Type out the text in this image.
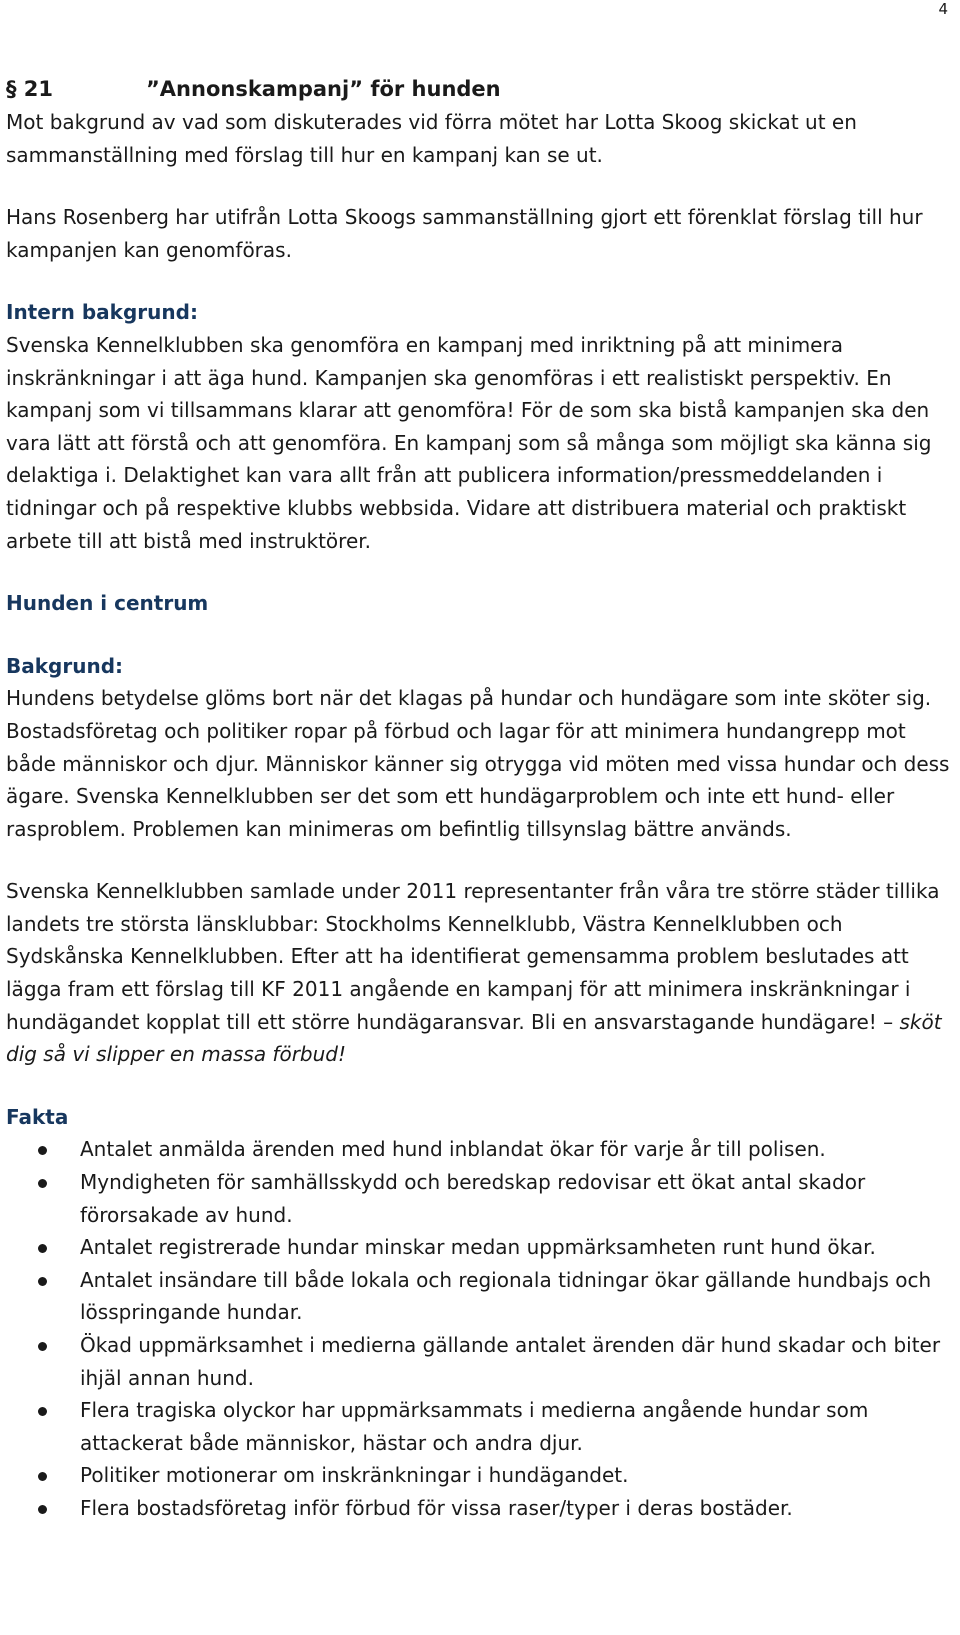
4

§ 21	”Annonskampanj” för hunden

Mot bakgrund av vad som diskuterades vid förra mötet har Lotta Skoog skickat ut en sammanställning med förslag till hur en kampanj kan se ut.

Hans Rosenberg har utifrån Lotta Skoogs sammanställning gjort ett förenklat förslag till hur kampanjen kan genomföras.

Intern bakgrund:

Svenska Kennelklubben ska genomföra en kampanj med inriktning på att minimera inskränkningar i att äga hund. Kampanjen ska genomföras i ett realistiskt perspektiv. En kampanj som vi tillsammans klarar att genomföra! För de som ska bistå kampanjen ska den vara lätt att förstå och att genomföra. En kampanj som så många som möjligt ska känna sig delaktiga i. Delaktighet kan vara allt från att publicera information/pressmeddelanden i tidningar och på respektive klubbs webbsida. Vidare att distribuera material och praktiskt arbete till att bistå med instruktörer.

Hunden i centrum

Bakgrund:

Hundens betydelse glöms bort när det klagas på hundar och hundägare som inte sköter sig. Bostadsföretag och politiker ropar på förbud och lagar för att minimera hundangrepp mot både människor och djur. Människor känner sig otrygga vid möten med vissa hundar och dess ägare. Svenska Kennelklubben ser det som ett hundägarproblem och inte ett hund- eller rasproblem. Problemen kan minimeras om befintlig tillsynslag bättre används.

Svenska Kennelklubben samlade under 2011 representanter från våra tre större städer tillika landets tre största länsklubbar: Stockholms Kennelklubb, Västra Kennelklubben och Sydskånska Kennelklubben. Efter att ha identifierat gemensamma problem beslutades att lägga fram ett förslag till KF 2011 angående en kampanj för att minimera inskränkningar i hundägandet kopplat till ett större hundägaransvar. Bli en ansvarstagande hundägare! – sköt dig så vi slipper en massa förbud!

Fakta

Antalet anmälda ärenden med hund inblandat ökar för varje år till polisen.
Myndigheten för samhällsskydd och beredskap redovisar ett ökat antal skador förorsakade av hund.
Antalet registrerade hundar minskar medan uppmärksamheten runt hund ökar.
Antalet insändare till både lokala och regionala tidningar ökar gällande hundbajs och lösspringande hundar.
Ökad uppmärksamhet i medierna gällande antalet ärenden där hund skadar och biter ihjäl annan hund.
Flera tragiska olyckor har uppmärksammats i medierna angående hundar som attackerat både människor, hästar och andra djur.
Politiker motionerar om inskränkningar i hundägandet.
Flera bostadsföretag inför förbud för vissa raser/typer i deras bostäder.
